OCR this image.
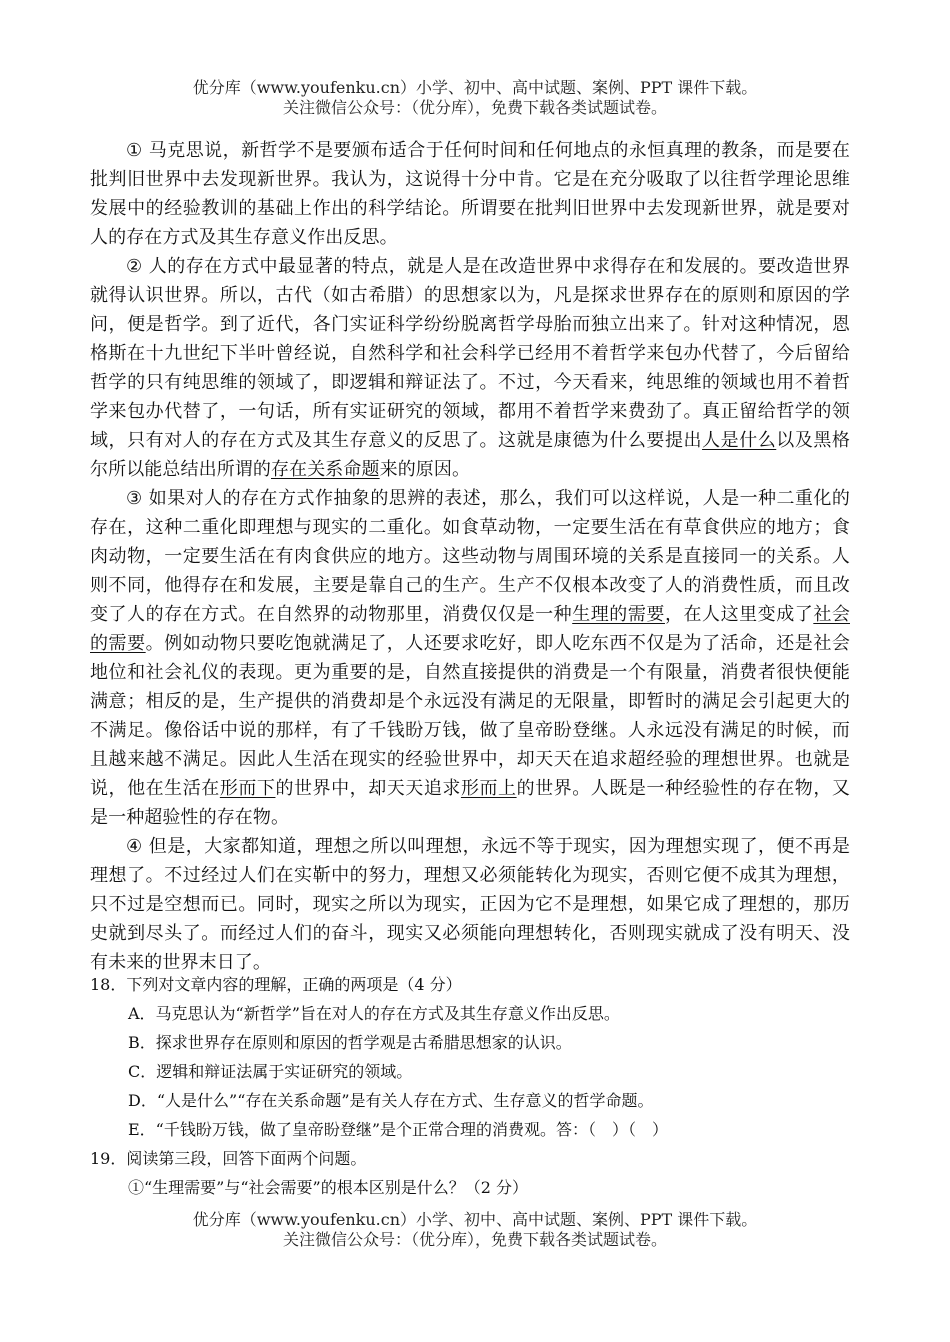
优分库（www.youfenku.cn）小学、初中、高中试题、案例、PPT 课件下载。
关注微信公众号：（优分库），免费下载各类试题试卷。

① 马克思说，新哲学不是要颁布适合于任何时间和任何地点的永恒真理的教条，而是要在批判旧世界中去发现新世界。我认为，这说得十分中肯。它是在充分吸取了以往哲学理论思维发展中的经验教训的基础上作出的科学结论。所谓要在批判旧世界中去发现新世界，就是要对人的存在方式及其生存意义作出反思。

② 人的存在方式中最显著的特点，就是人是在改造世界中求得存在和发展的。要改造世界就得认识世界。所以，古代（如古希腊）的思想家以为，凡是探求世界存在的原则和原因的学问，便是哲学。到了近代，各门实证科学纷纷脱离哲学母胎而独立出来了。针对这种情况，恩格斯在十九世纪下半叶曾经说，自然科学和社会科学已经用不着哲学来包办代替了，今后留给哲学的只有纯思维的领域了，即逻辑和辩证法了。不过，今天看来，纯思维的领域也用不着哲学来包办代替了，一句话，所有实证研究的领域，都用不着哲学来费劲了。真正留给哲学的领域，只有对人的存在方式及其生存意义的反思了。这就是康德为什么要提出人是什么以及黑格尔所以能总结出所谓的存在关系命题来的原因。

③ 如果对人的存在方式作抽象的思辨的表述，那么，我们可以这样说，人是一种二重化的存在，这种二重化即理想与现实的二重化。如食草动物，一定要生活在有草食供应的地方；食肉动物，一定要生活在有肉食供应的地方。这些动物与周围环境的关系是直接同一的关系。人则不同，他得存在和发展，主要是靠自己的生产。生产不仅根本改变了人的消费性质，而且改变了人的存在方式。在自然界的动物那里，消费仅仅是一种生理的需要，在人这里变成了社会的需要。例如动物只要吃饱就满足了，人还要求吃好，即人吃东西不仅是为了活命，还是社会地位和社会礼仪的表现。更为重要的是，自然直接提供的消费是一个有限量，消费者很快便能满意；相反的是，生产提供的消费却是个永远没有满足的无限量，即暂时的满足会引起更大的不满足。像俗话中说的那样，有了千钱盼万钱，做了皇帝盼登继。人永远没有满足的时候，而且越来越不满足。因此人生活在现实的经验世界中，却天天在追求超经验的理想世界。也就是说，他在生活在形而下的世界中，却天天追求形而上的世界。人既是一种经验性的存在物，又是一种超验性的存在物。

④ 但是，大家都知道，理想之所以叫理想，永远不等于现实，因为理想实现了，便不再是理想了。不过经过人们在实靳中的努力，理想又必须能转化为现实，否则它便不成其为理想，只不过是空想而已。同时，现实之所以为现实，正因为它不是理想，如果它成了理想的，那历史就到尽头了。而经过人们的奋斗，现实又必须能向理想转化，否则现实就成了没有明天、没有未来的世界末日了。

18．下列对文章内容的理解，正确的两项是（4 分）

A．马克思认为“新哲学”旨在对人的存在方式及其生存意义作出反思。

B．探求世界存在原则和原因的哲学观是古希腊思想家的认识。

C．逻辑和辩证法属于实证研究的领域。

D．“人是什么”“存在关系命题”是有关人存在方式、生存意义的哲学命题。

E．“千钱盼万钱，做了皇帝盼登继”是个正常合理的消费观。答：（　）（　）

19．阅读第三段，回答下面两个问题。

①“生理需要”与“社会需要”的根本区别是什么？（2 分）

优分库（www.youfenku.cn）小学、初中、高中试题、案例、PPT 课件下载。
关注微信公众号：（优分库），免费下载各类试题试卷。
